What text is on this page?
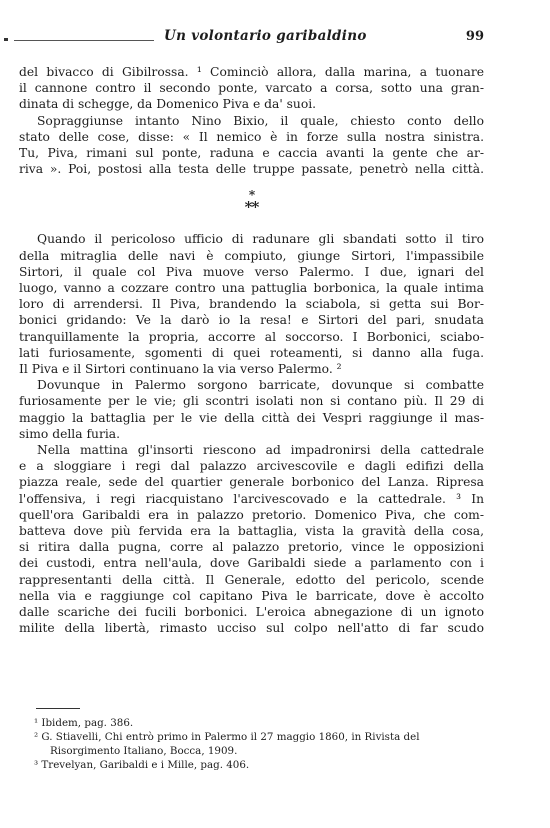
Un volontario garibaldino	99
del bivacco di Gibilrossa. ¹ Cominciò allora, dalla marina, a tuonare
il cannone contro il secondo ponte, varcato a corsa, sotto una gran-
dinata di schegge, da Domenico Piva e da' suoi.
Sopraggiunse intanto Nino Bixio, il quale, chiesto conto dello
stato delle cose, disse: « Il nemico è in forze sulla nostra sinistra.
Tu, Piva, rimani sul ponte, raduna e caccia avanti la gente che ar-
riva ». Poi, postosi alla testa delle truppe passate, penetrò nella città.
*
**
Quando il pericoloso ufficio di radunare gli sbandati sotto il tiro
della mitraglia delle navi è compiuto, giunge Sirtori, l'impassibile
Sirtori, il quale col Piva muove verso Palermo. I due, ignari del
luogo, vanno a cozzare contro una pattuglia borbonica, la quale intima
loro di arrendersi. Il Piva, brandendo la sciabola, si getta sui Bor-
bonici gridando: Ve la darò io la resa! e Sirtori del pari, snudata
tranquillamente la propria, accorre al soccorso. I Borbonici, sciabo-
lati furiosamente, sgomenti di quei roteamenti, si danno alla fuga.
Il Piva e il Sirtori continuano la via verso Palermo. ²
Dovunque in Palermo sorgono barricate, dovunque si combatte
furiosamente per le vie; gli scontri isolati non si contano più. Il 29 di
maggio la battaglia per le vie della città dei Vespri raggiunge il mas-
simo della furia.
Nella mattina gl'insorti riescono ad impadronirsi della cattedrale
e a sloggiare i regi dal palazzo arcivescovile e dagli edifizi della
piazza reale, sede del quartier generale borbonico del Lanza. Ripresa
l'offensiva, i regi riacquistano l'arcivescovado e la cattedrale. ³ In
quell'ora Garibaldi era in palazzo pretorio. Domenico Piva, che com-
batteva dove più fervida era la battaglia, vista la gravità della cosa,
si ritira dalla pugna, corre al palazzo pretorio, vince le opposizioni
dei custodi, entra nell'aula, dove Garibaldi siede a parlamento con i
rappresentanti della città. Il Generale, edotto del pericolo, scende
nella via e raggiunge col capitano Piva le barricate, dove è accolto
dalle scariche dei fucili borbonici. L'eroica abnegazione di un ignoto
milite della libertà, rimasto ucciso sul colpo nell'atto di far scudo
¹ Ibidem, pag. 386.
² G. Stiavelli, Chi entrò primo in Palermo il 27 maggio 1860, in Rivista del
Risorgimento Italiano, Bocca, 1909.
³ Trevelyan, Garibaldi e i Mille, pag. 406.
